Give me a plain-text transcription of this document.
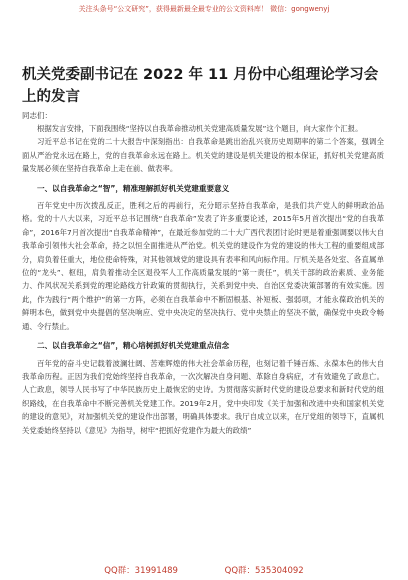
关注头条号“公文研究”，获得最新最全最专业的公文资料库！ 微信：gongwenyj
机关党委副书记在 2022 年 11 月份中心组理论学习会上的发言
同志们：

根据发言安排，下面我围绕“坚持以自我革命推动机关党建高质量发展”这个题目，向大家作个汇报。

习近平总书记在党的二十大报告中深刻指出：自我革命是跳出治乱兴衰历史周期率的第二个答案，强调全面从严治党永远在路上，党的自我革命永远在路上。机关党的建设是机关建设的根本保证，抓好机关党建高质量发展必须在坚持自我革命上走在前、做表率。

一、以自我革命之“智”，精准理解抓好机关党建重要意义

百年党史中历次拨乱反正，胜利之后的再前行，充分昭示坚持自我革命，是我们共产党人的鲜明政治品格。党的十八大以来，习近平总书记围绕“自我革命”发表了许多重要论述，2015年5月首次提出“党的自我革命”，2016年7月首次提出“自我革命精神”，在最近参加党的二十大广西代表团讨论时更是着重强调要以伟大自我革命引领伟大社会革命，持之以恒全面推进从严治党。机关党的建设作为党的建设的伟大工程的重要组成部分，肩负着任重大，地位使命特殊，对其他领域党的建设具有表率和风向标作用。厅机关是各处室、各直属单位的“龙头”、枢纽，肩负着推动全区退役军人工作高质量发展的“第一责任”，机关干部的政治素质、业务能力、作风状况关系到党的理论路线方针政策的贯彻执行，关系到党中央、自治区党委决策部署的有效实施。因此，作为践行“两个维护”的第一方阵，必须在自我革命中不断固根基、补短板、强弱项，才能永葆政治机关的鲜明本色，做到党中央提倡的坚决响应、党中央决定的坚决执行、党中央禁止的坚决不做，确保党中央政令畅通、令行禁止。

二、以自我革命之“信”，精心培树抓好机关党建重点信念

百年党的奋斗史记载着波澜壮阔、苦难辉煌的伟大社会革命历程，也刻记着千锤百炼、永葆本色的伟大自我革命历程。正因为我们党始终坚持自我革命，一次次解决自身问题、革除自身病症，才有效避免了政息亡。人亡政息，领导人民书写了中华民族历史上最恢宏的史诗。为贯彻落实新时代党的建设总要求和新时代党的组织路线，在自我革命中不断完善机关党建工作。2019年2月，党中央印发《关于加强和改进中央和国家机关党的建设的意见》，对加强机关党的建设作出部署，明确具体要求。我厅自成立以来，在厅党组的领导下，直属机关党委始终坚持以《意见》为指导，树牢“把抓好党建作为最大的政绩”

QQ群：31991489	QQ群：535304092
